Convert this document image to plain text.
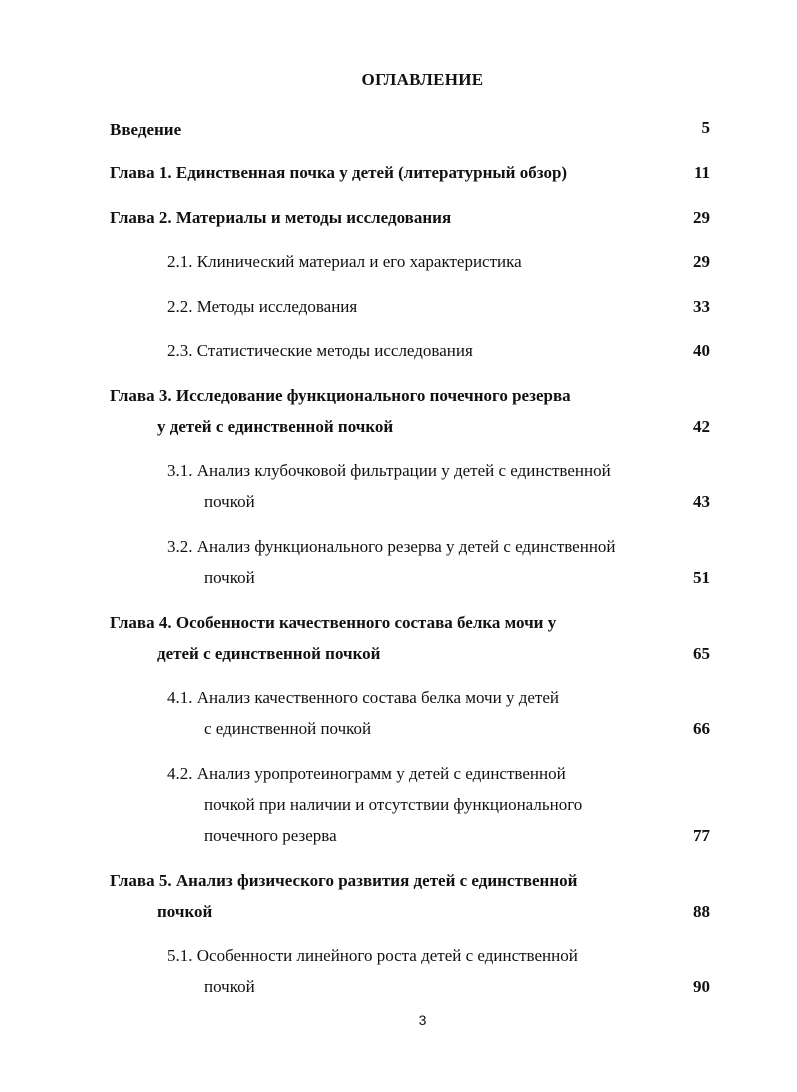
ОГЛАВЛЕНИЕ
Введение	5
Глава 1. Единственная почка у детей (литературный обзор)	11
Глава 2. Материалы и методы исследования	29
2.1. Клинический материал и его характеристика	29
2.2. Методы исследования	33
2.3. Статистические методы исследования	40
Глава 3. Исследование функционального почечного резерва
у детей с единственной почкой	42
3.1. Анализ клубочковой фильтрации у детей с единственной
почкой	43
3.2. Анализ функционального резерва у детей с единственной
почкой	51
Глава 4. Особенности качественного состава белка мочи у
детей с единственной почкой	65
4.1. Анализ качественного состава белка мочи у детей
с единственной почкой	66
4.2. Анализ уропротеинограмм у детей с единственной
почкой при наличии и отсутствии функционального
почечного резерва	77
Глава 5. Анализ физического развития детей с единственной
почкой	88
5.1. Особенности линейного роста детей с единственной
почкой	90
3
